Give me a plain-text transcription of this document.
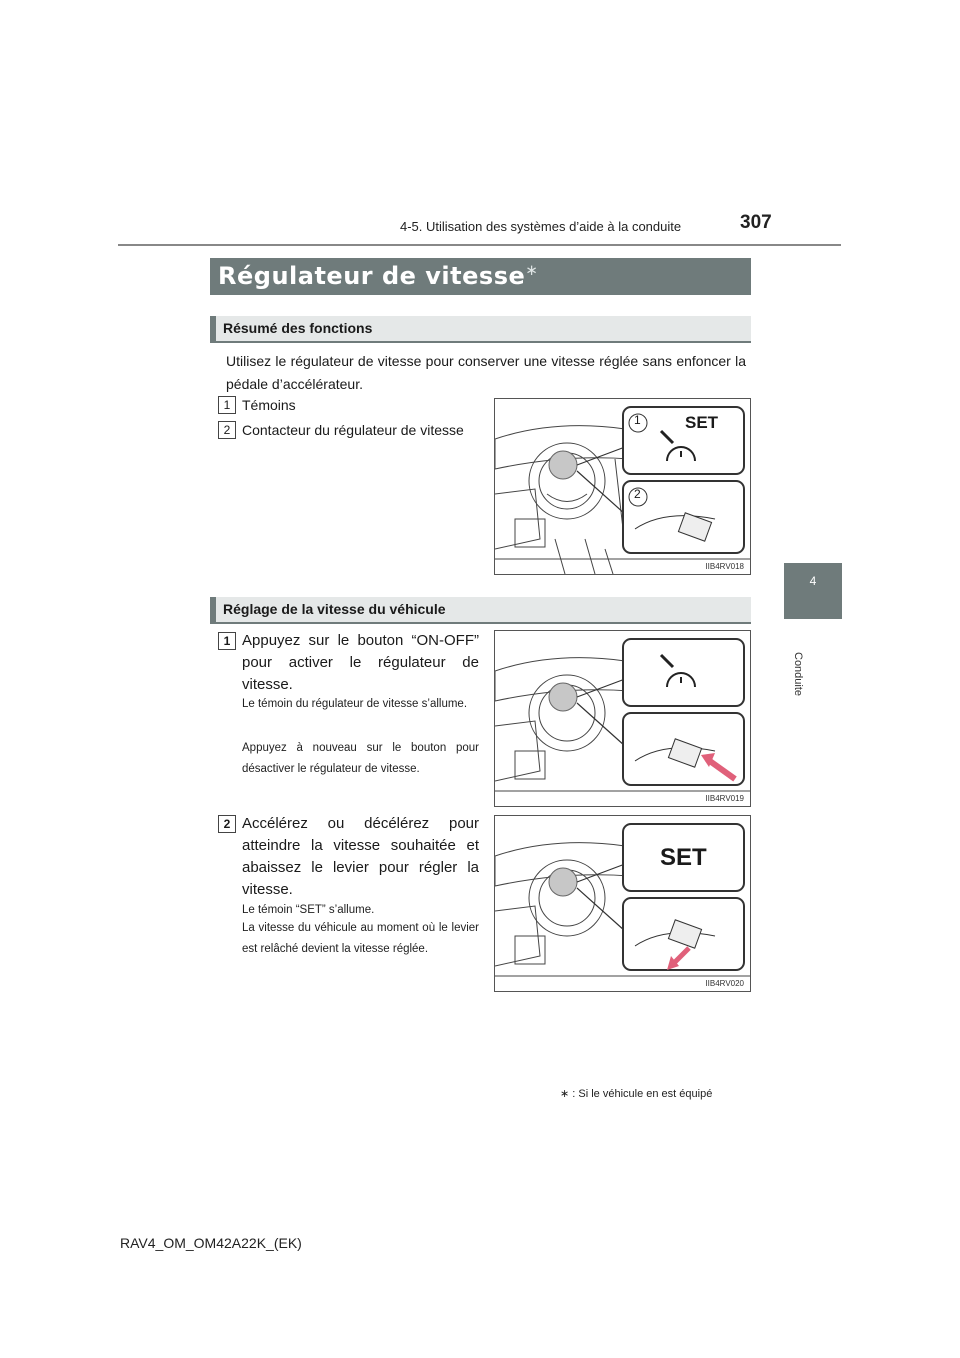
4-5. Utilisation des systèmes d’aide à la conduite	307
4
Conduite
Régulateur de vitesse∗
Résumé des fonctions
Utilisez le régulateur de vitesse pour conserver une vitesse réglée sans enfoncer la pédale d’accélérateur.
1 Témoins
2 Contacteur du régulateur de vitesse
1
2
SET
IIB4RV018
Réglage de la vitesse du véhicule
1 Appuyez sur le bouton “ON-OFF” pour activer le régulateur de vitesse.
Le témoin du régulateur de vitesse s’allume.
Appuyez à nouveau sur le bouton pour désactiver le régulateur de vitesse.
IIB4RV019
2 Accélérez ou décélérez pour atteindre la vitesse souhaitée et abaissez le levier pour régler la vitesse.
Le témoin “SET” s’allume.
La vitesse du véhicule au moment où le levier est relâché devient la vitesse réglée.
SET
IIB4RV020
∗ : Si le véhicule en est équipé
RAV4_OM_OM42A22K_(EK)
